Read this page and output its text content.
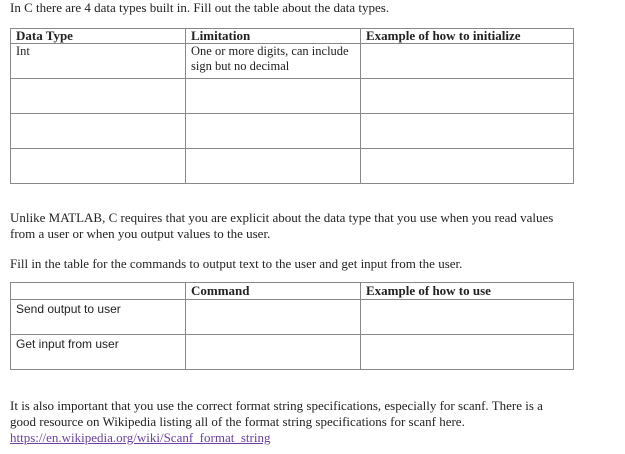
In C there are 4 data types built in. Fill out the table about the data types.

Data Type	Limitation	Example of how to initialize
Int	One or more digits, can include sign but no decimal	

Unlike MATLAB, C requires that you are explicit about the data type that you use when you read values from a user or when you output values to the user.

Fill in the table for the commands to output text to the user and get input from the user.

	Command	Example of how to use
Send output to user		
Get input from user		

It is also important that you use the correct format string specifications, especially for scanf. There is a good resource on Wikipedia listing all of the format string specifications for scanf here. https://en.wikipedia.org/wiki/Scanf_format_string
